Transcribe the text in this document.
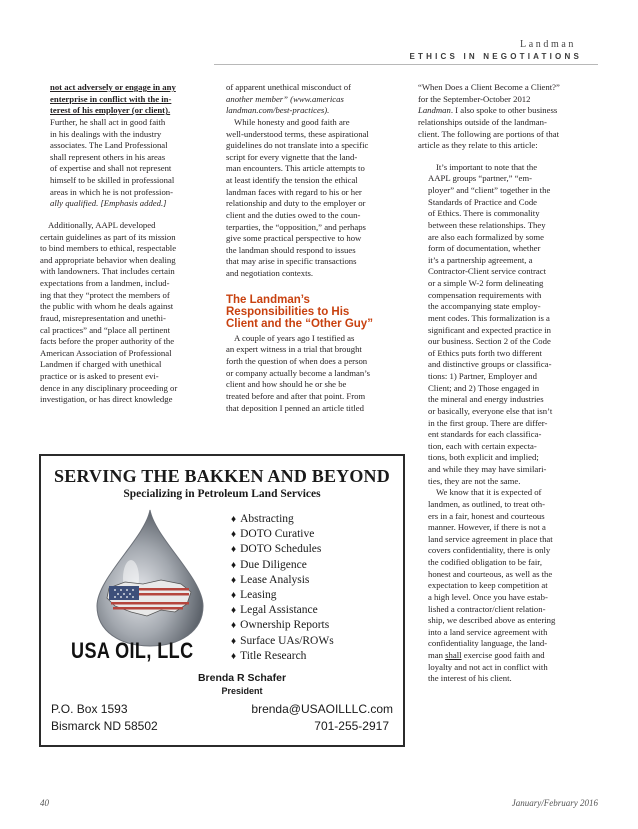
Landman
ETHICS IN NEGOTIATIONS

not act adversely or engage in any

enterprise in conflict with the in-

terest of his employer (or client).

Further, he shall act in good faith

in his dealings with the industry

associates. The Land Professional

shall represent others in his areas

of expertise and shall not represent

himself to be skilled in professional

areas in which he is not profession-

ally qualified. [Emphasis added.]

Additionally, AAPL developed

certain guidelines as part of its mission

to bind members to ethical, respectable

and appropriate behavior when dealing

with landowners. That includes certain

expectations from a landmen, includ-

ing that they “protect the members of

the public with whom he deals against

fraud, misrepresentation and unethi-

cal practices” and “place all pertinent

facts before the proper authority of the

American Association of Professional

Landmen if charged with unethical

practice or is asked to present evi-

dence in any disciplinary proceeding or

investigation, or has direct knowledge

of apparent unethical misconduct of

another member” (www.americas

landman.com/best-practices).

While honesty and good faith are

well-understood terms, these aspirational

guidelines do not translate into a specific

script for every vignette that the land-

man encounters. This article attempts to

at least identify the tension the ethical

landman faces with regard to his or her

relationship and duty to the employer or

client and the duties owed to the coun-

terparties, the “opposition,” and perhaps

give some practical perspective to how

the landman should respond to issues

that may arise in specific transactions

and negotiation contexts.

The Landman’s
Responsibilities to His
Client and the “Other Guy”

A couple of years ago I testified as

an expert witness in a trial that brought

forth the question of when does a person

or company actually become a landman’s

client and how should he or she be

treated before and after that point. From

that deposition I penned an article titled

“When Does a Client Become a Client?”

for the September-October 2012

Landman. I also spoke to other business

relationships outside of the landman-

client. The following are portions of that

article as they relate to this article:

It’s important to note that the

AAPL groups “partner,” “em-

ployer” and “client” together in the

Standards of Practice and Code

of Ethics. There is commonality

between these relationships. They

are also each formalized by some

form of documentation, whether

it’s a partnership agreement, a

Contractor-Client service contract

or a simple W-2 form delineating

compensation requirements with

the accompanying state employ-

ment codes. This formalization is a

significant and expected practice in

our business. Section 2 of the Code

of Ethics puts forth two different

and distinctive groups or classifica-

tions: 1) Partner, Employer and

Client; and 2) Those engaged in

the mineral and energy industries

or basically, everyone else that isn’t

in the first group. There are differ-

ent standards for each classifica-

tion, each with certain expecta-

tions, both explicit and implied;

and while they may have similari-

ties, they are not the same.

We know that it is expected of

landmen, as outlined, to treat oth-

ers in a fair, honest and courteous

manner. However, if there is not a

land service agreement in place that

covers confidentiality, there is only

the codified obligation to be fair,

honest and courteous, as well as the

expectation to keep competition at

a high level. Once you have estab-

lished a contractor/client relation-

ship, we described above as entering

into a land service agreement with

confidentiality language, the land-

man shall exercise good faith and

loyalty and not act in conflict with

the interest of his client.

SERVING THE BAKKEN AND BEYOND
Specializing in Petroleum Land Services
♦ Abstracting
♦ DOTO Curative
♦ DOTO Schedules
♦ Due Diligence
♦ Lease Analysis
♦ Leasing
♦ Legal Assistance
♦ Ownership Reports
♦ Surface UAs/ROWs
♦ Title Research
USA OIL, LLC
Brenda R Schafer
President
P.O. Box 1593
Bismarck ND 58502
brenda@USAOILLLC.com
701-255-2917
40	January/February 2016
